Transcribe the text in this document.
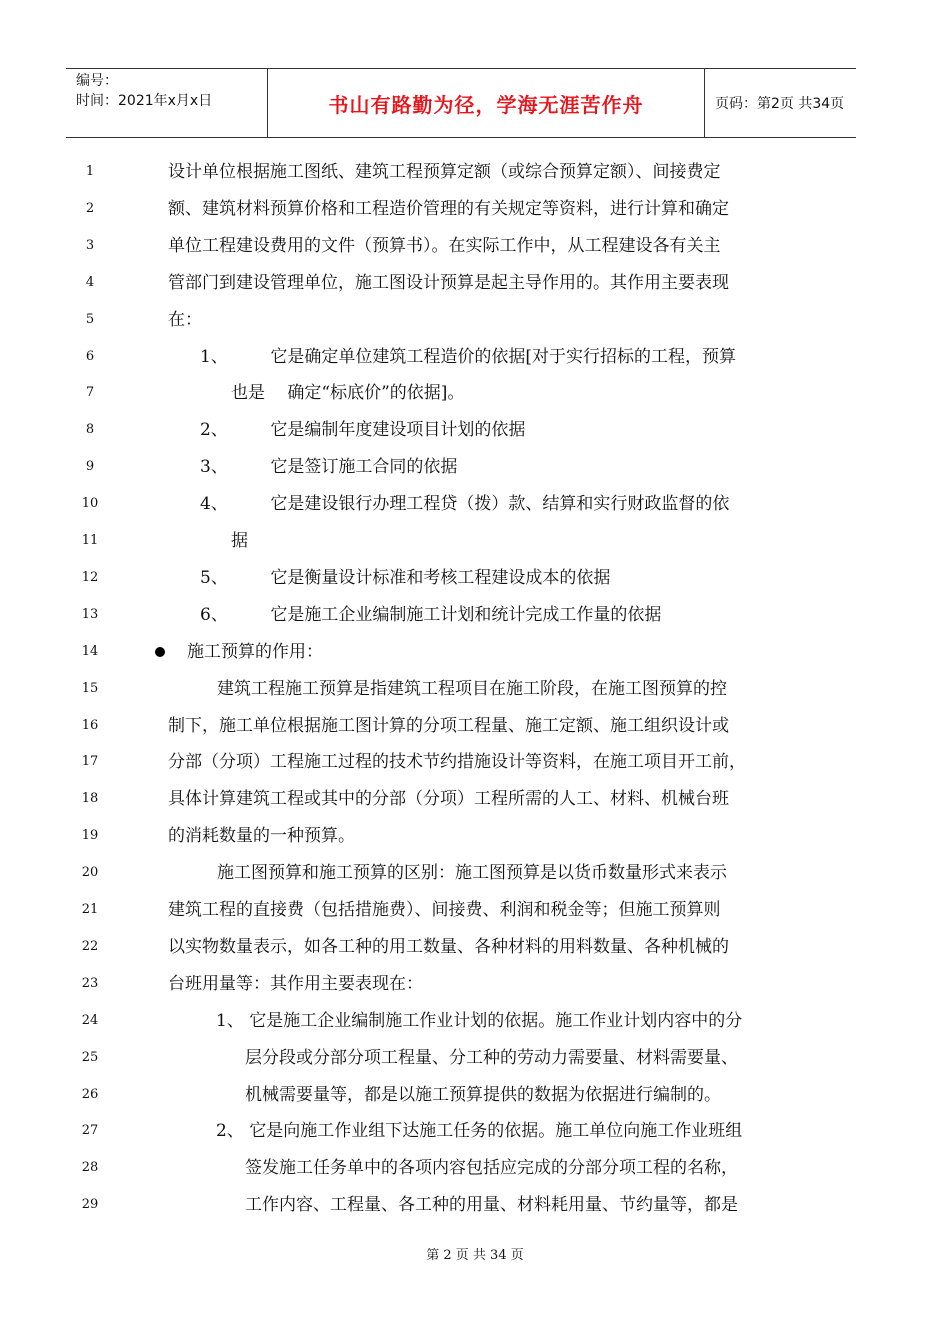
编号：
时间：2021年x月x日	书山有路勤为径，学海无涯苦作舟	页码：第2页 共34页
1	设计单位根据施工图纸、建筑工程预算定额（或综合预算定额）、间接费定
2	额、建筑材料预算价格和工程造价管理的有关规定等资料，进行计算和确定
3	单位工程建设费用的文件（预算书）。在实际工作中，从工程建设各有关主
4	管部门到建设管理单位，施工图设计预算是起主导作用的。其作用主要表现
5	在：
6	1、　　　它是确定单位建筑工程造价的依据[对于实行招标的工程，预算
7	也是　 确定“标底价”的依据]。
8	2、　　　它是编制年度建设项目计划的依据
9	3、　　　它是签订施工合同的依据
10	4、　　　它是建设银行办理工程贷（拨）款、结算和实行财政监督的依
11	据
12	5、　　　它是衡量设计标准和考核工程建设成本的依据
13	6、　　　它是施工企业编制施工计划和统计完成工作量的依据
14	施工预算的作用：
15	建筑工程施工预算是指建筑工程项目在施工阶段，在施工图预算的控
16	制下，施工单位根据施工图计算的分项工程量、施工定额、施工组织设计或
17	分部（分项）工程施工过程的技术节约措施设计等资料，在施工项目开工前，
18	具体计算建筑工程或其中的分部（分项）工程所需的人工、材料、机械台班
19	的消耗数量的一种预算。
20	施工图预算和施工预算的区别：施工图预算是以货币数量形式来表示
21	建筑工程的直接费（包括措施费）、间接费、利润和税金等；但施工预算则
22	以实物数量表示，如各工种的用工数量、各种材料的用料数量、各种机械的
23	台班用量等：其作用主要表现在：
24	1、 它是施工企业编制施工作业计划的依据。施工作业计划内容中的分
25	层分段或分部分项工程量、分工种的劳动力需要量、材料需要量、
26	机械需要量等，都是以施工预算提供的数据为依据进行编制的。
27	2、 它是向施工作业组下达施工任务的依据。施工单位向施工作业班组
28	签发施工任务单中的各项内容包括应完成的分部分项工程的名称，
29	工作内容、工程量、各工种的用量、材料耗用量、节约量等，都是
第 2 页 共 34 页
